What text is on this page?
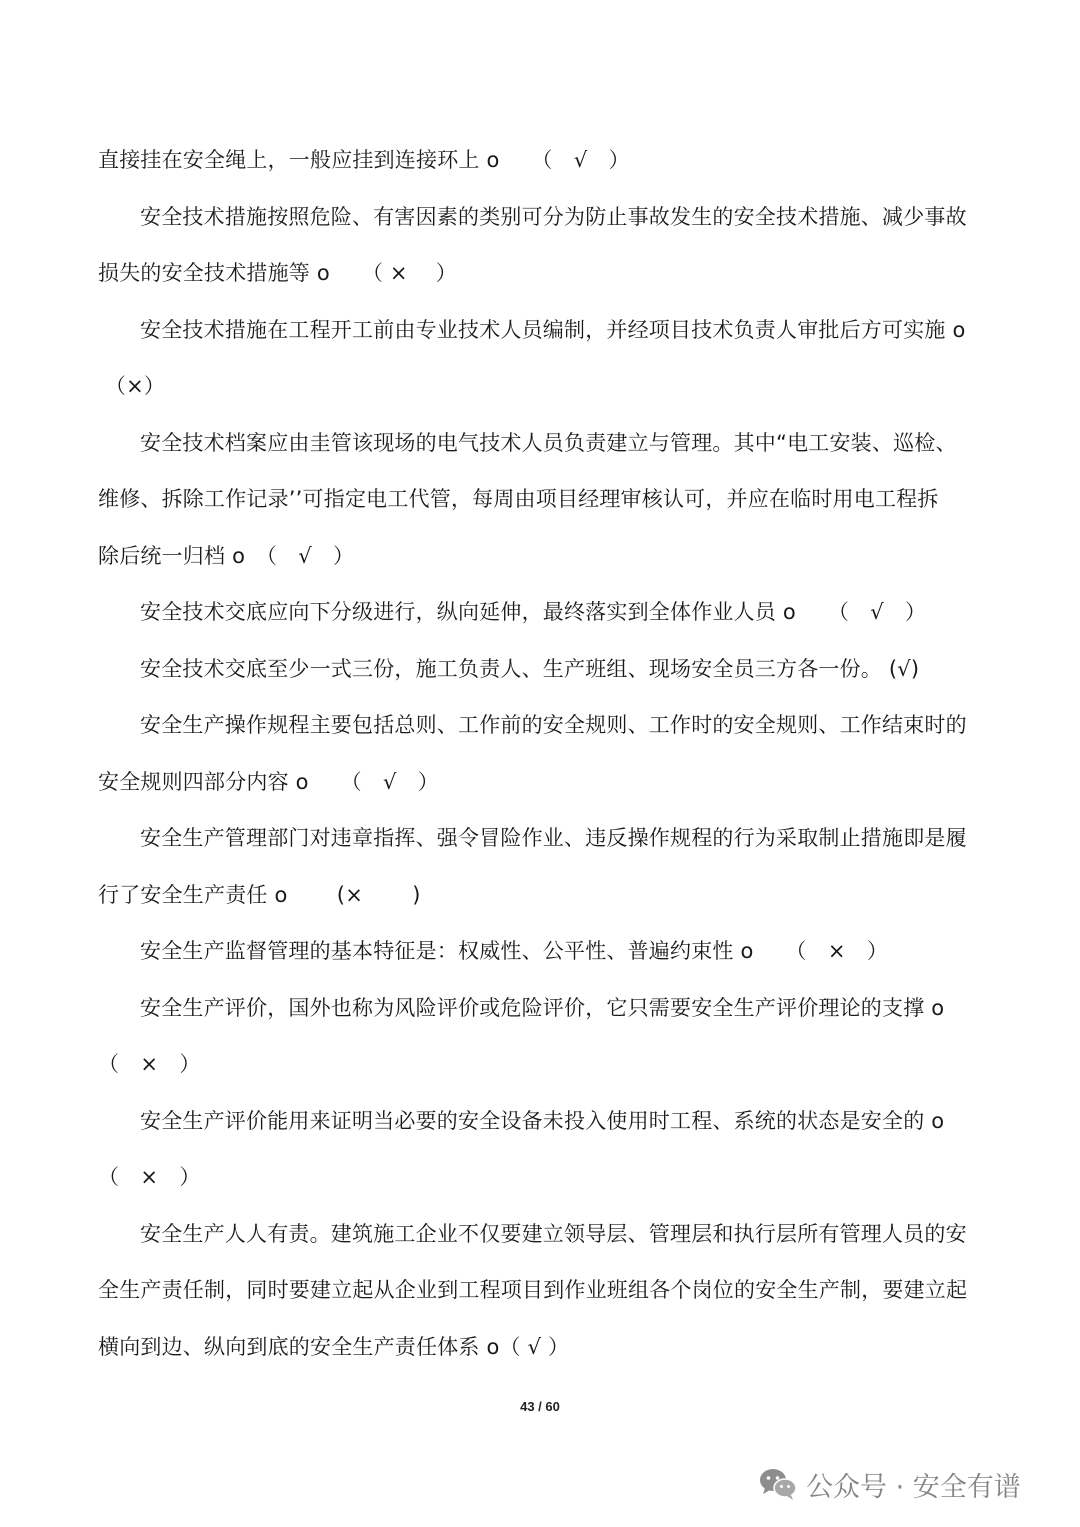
直接挂在安全绳上，一般应挂到连接环上 o　　（　√　）
安全技术措施按照危险、有害因素的类别可分为防止事故发生的安全技术措施、减少事故
损失的安全技术措施等 o　　（ ×　 ）
安全技术措施在工程开工前由专业技术人员编制，并经项目技术负责人审批后方可实施 o
（×）
安全技术档案应由圭管该现场的电气技术人员负责建立与管理。其中“电工安装、巡检、
维修、拆除工作记录’’可指定电工代管，每周由项目经理审核认可，并应在临时用电工程拆
除后统一归档 o　（　√　）
安全技术交底应向下分级进行，纵向延伸，最终落实到全体作业人员 o　　（　√　）
安全技术交底至少一式三份，施工负责人、生产班组、现场安全员三方各一份。 (√)
安全生产操作规程主要包括总则、工作前的安全规则、工作时的安全规则、工作结束时的
安全规则四部分内容 o　　（　√　）
安全生产管理部门对违章指挥、强令冒险作业、违反操作规程的行为采取制止措施即是履
行了安全生产责任 o　　 (×　　 )
安全生产监督管理的基本特征是：权威性、公平性、普遍约束性 o　　（　×　）
安全生产评价，国外也称为风险评价或危险评价，它只需要安全生产评价理论的支撑 o
（　×　）
安全生产评价能用来证明当必要的安全设备未投入使用时工程、系统的状态是安全的 o
（　×　）
安全生产人人有责。建筑施工企业不仅要建立领导层、管理层和执行层所有管理人员的安
全生产责任制，同时要建立起从企业到工程项目到作业班组各个岗位的安全生产制，要建立起
横向到边、纵向到底的安全生产责任体系 o（ √ ）
43 / 60
公众号 · 安全有谱
